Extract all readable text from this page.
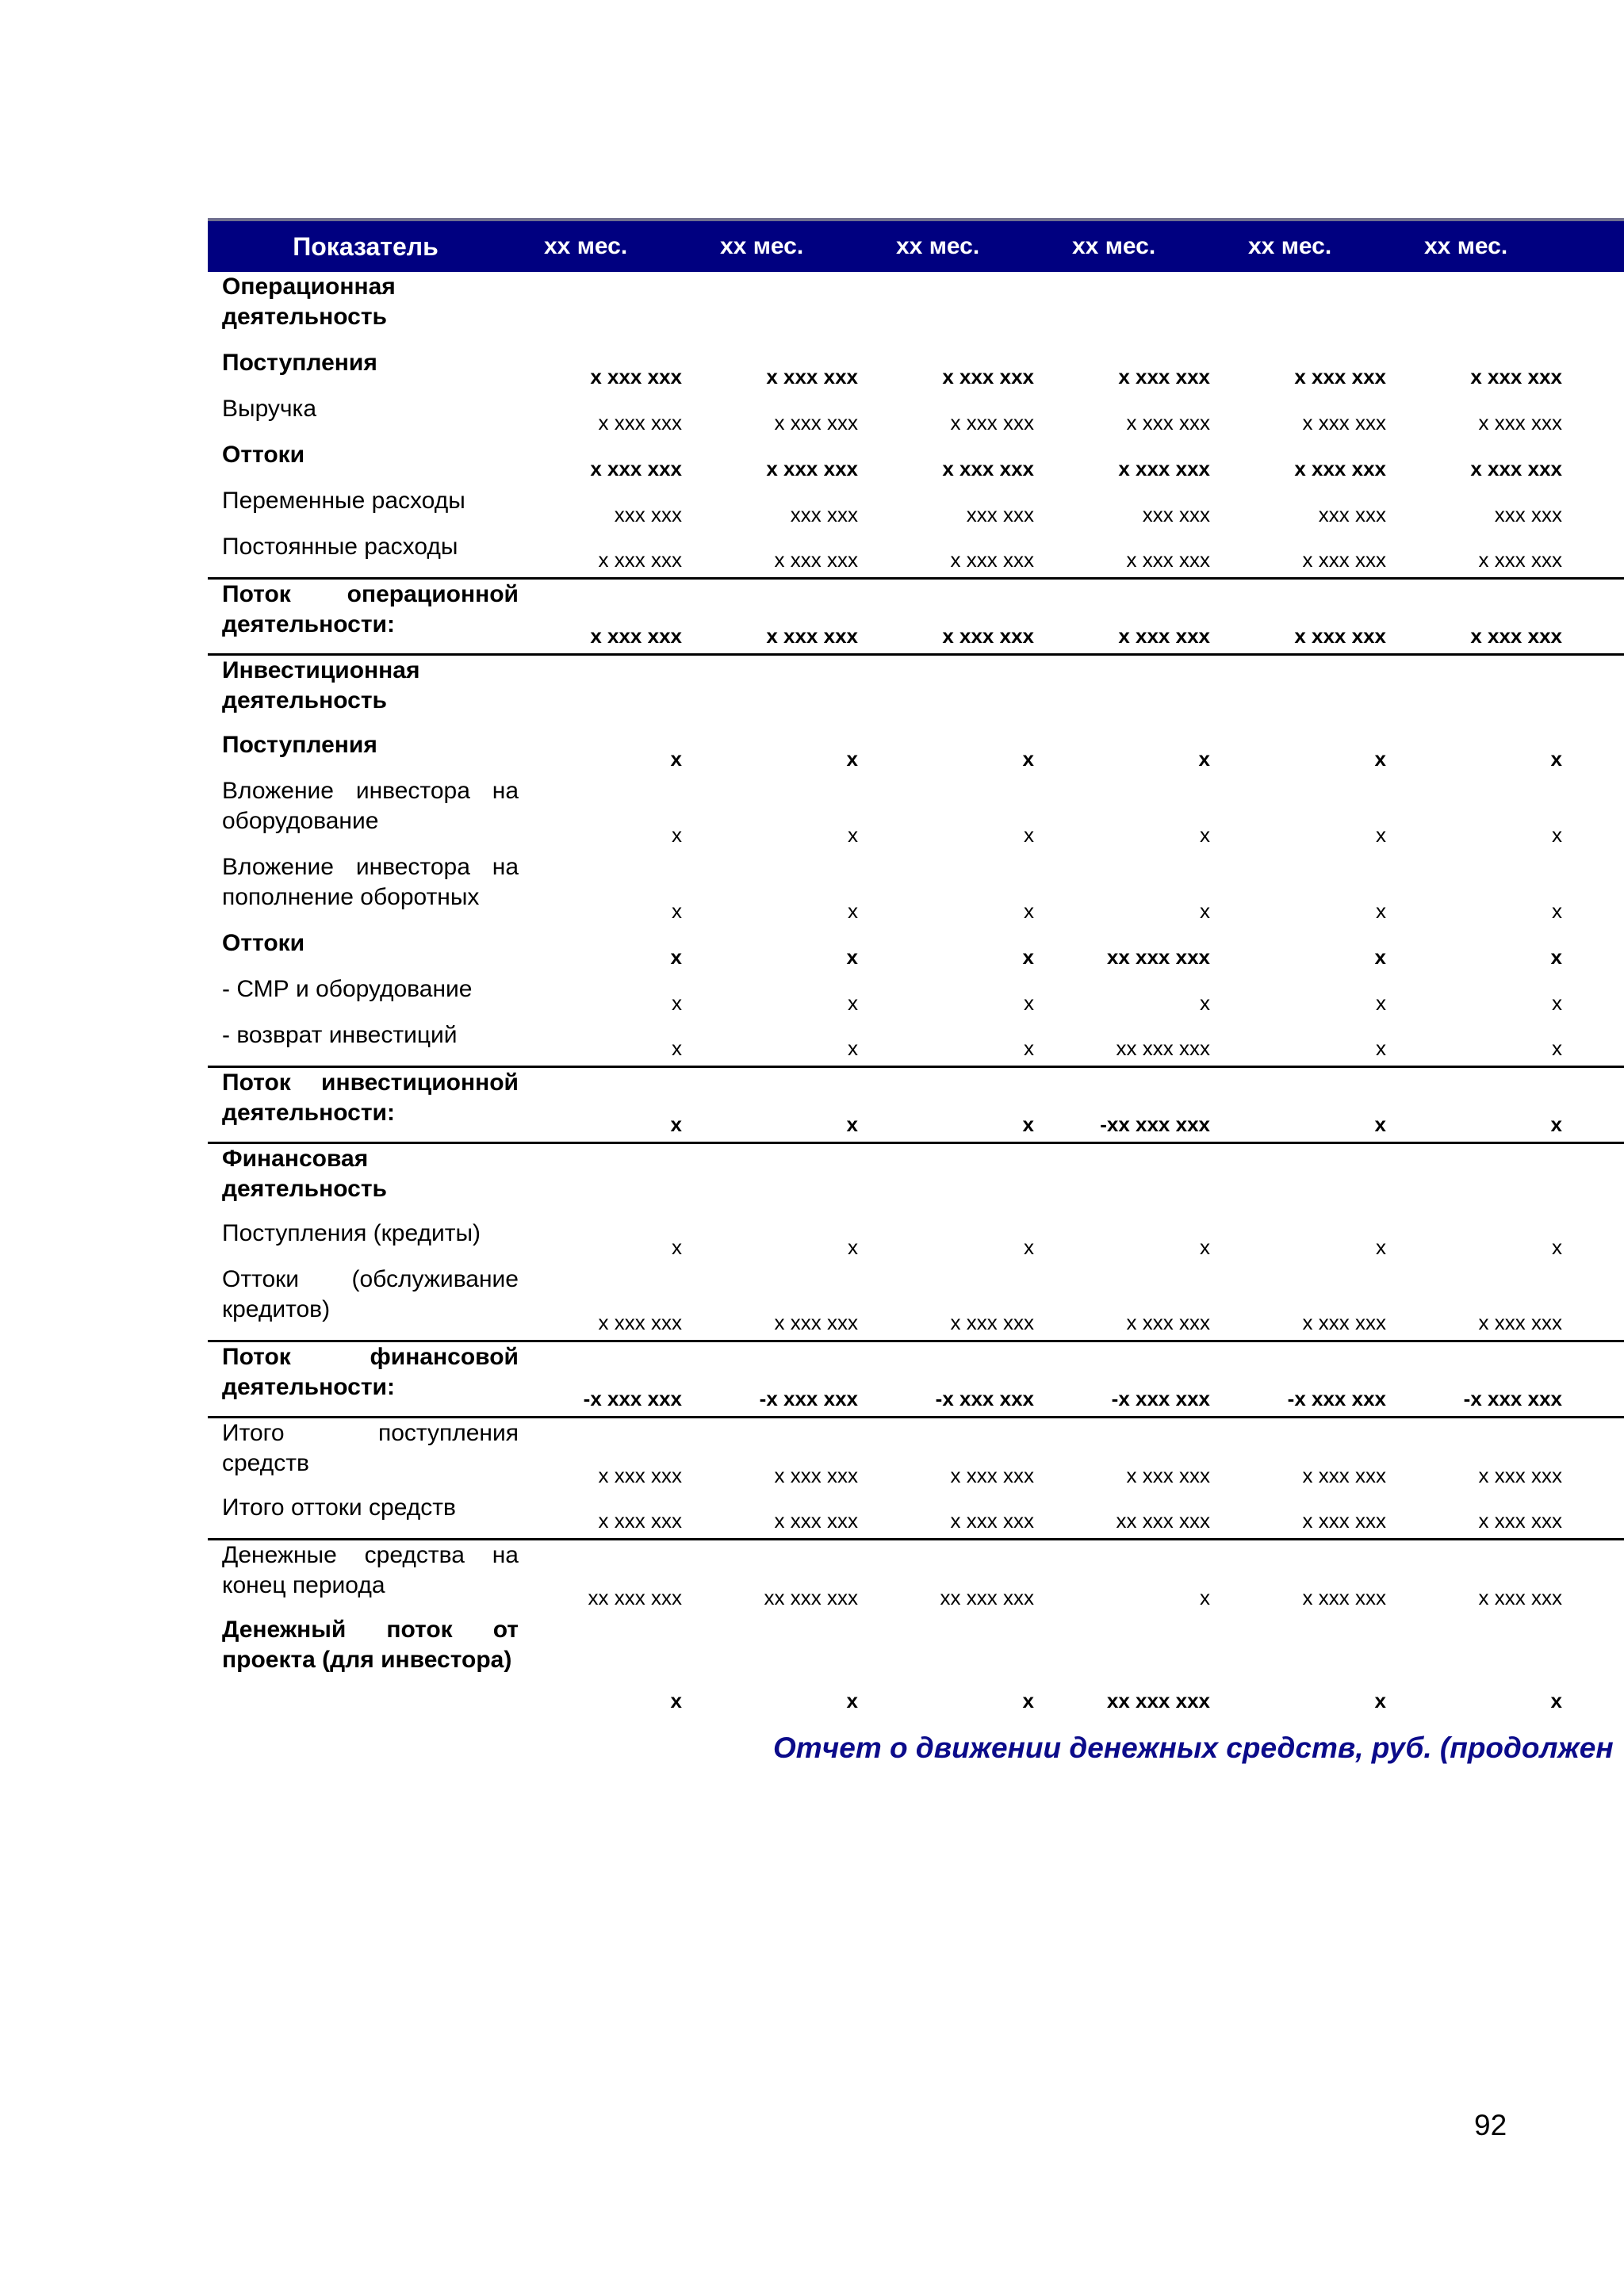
Показатель	хх мес.	хх мес.	хх мес.	хх мес.	хх мес.	хх мес.	

Операционная деятельность							

Поступления	х ххх ххх	х ххх ххх	х ххх ххх	х ххх ххх	х ххх ххх	х ххх ххх	

Выручка	х ххх ххх	х ххх ххх	х ххх ххх	х ххх ххх	х ххх ххх	х ххх ххх	

Оттоки	х ххх ххх	х ххх ххх	х ххх ххх	х ххх ххх	х ххх ххх	х ххх ххх	

Переменные расходы	ххх ххх	ххх ххх	ххх ххх	ххх ххх	ххх ххх	ххх ххх	

Постоянные расходы	х ххх ххх	х ххх ххх	х ххх ххх	х ххх ххх	х ххх ххх	х ххх ххх	

Поток операционной деятельности:	х ххх ххх	х ххх ххх	х ххх ххх	х ххх ххх	х ххх ххх	х ххх ххх	

Инвестиционная деятельность							

Поступления	х	х	х	х	х	х	

Вложение инвестора на оборудование	х	х	х	х	х	х	

Вложение инвестора на пополнение оборотных	х	х	х	х	х	х	

Оттоки	х	х	х	хх ххх ххх	х	х	

- СМР и оборудование	х	х	х	х	х	х	

- возврат инвестиций	х	х	х	хх ххх ххх	х	х	

Поток инвестиционной деятельности:	х	х	х	-хх ххх ххх	х	х	

Финансовая деятельность							

Поступления (кредиты)	х	х	х	х	х	х	

Оттоки (обслуживание кредитов)	х ххх ххх	х ххх ххх	х ххх ххх	х ххх ххх	х ххх ххх	х ххх ххх	

Поток финансовой деятельности:	-х ххх ххх	-х ххх ххх	-х ххх ххх	-х ххх ххх	-х ххх ххх	-х ххх ххх	

Итого поступления средств	х ххх ххх	х ххх ххх	х ххх ххх	х ххх ххх	х ххх ххх	х ххх ххх	

Итого оттоки средств	х ххх ххх	х ххх ххх	х ххх ххх	хх ххх ххх	х ххх ххх	х ххх ххх	

Денежные средства на конец периода	хх ххх ххх	хх ххх ххх	хх ххх ххх	х	х ххх ххх	х ххх ххх	

Денежный поток от проекта (для инвестора)	х	х	х	хх ххх ххх	х	х	
Отчет о движении денежных средств, руб. (продолжен
92
